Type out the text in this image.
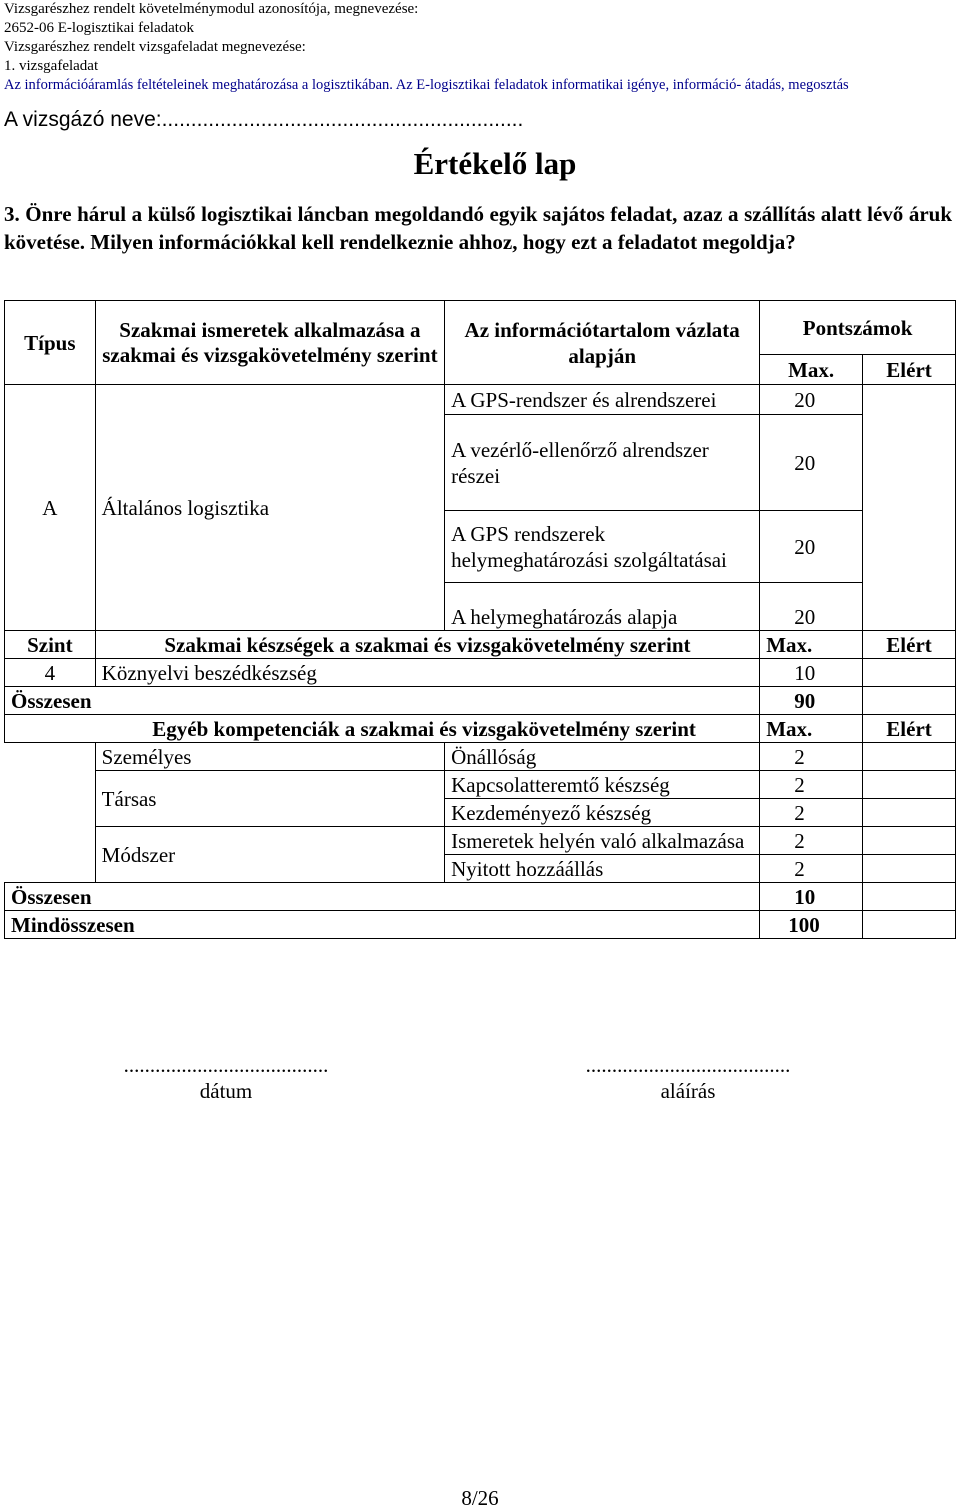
Vizsgarészhez rendelt követelménymodul azonosítója, megnevezése:
2652-06 E-logisztikai feladatok
Vizsgarészhez rendelt vizsgafeladat megnevezése:
1. vizsgafeladat
Az információáramlás feltételeinek meghatározása a logisztikában. Az E-logisztikai feladatok informatikai igénye, információ- átadás, megosztás
A vizsgázó neve:..............................................................
Értékelő lap
3. Önre hárul a külső logisztikai láncban megoldandó egyik sajátos feladat, azaz a szállítás alatt lévő áruk követése. Milyen információkkal kell rendelkeznie ahhoz, hogy ezt a feladatot megoldja?
Típus	Szakmai ismeretek alkalmazása a szakmai és vizsgakövetelmény szerint	Az információtartalom vázlata alapján	Pontszámok	
			Max.	Elért
A	Általános logisztika	A GPS-rendszer és alrendszerei	20	
		A vezérlő-ellenőrző alrendszer részei	20	
		A GPS rendszerek helymeghatározási szolgáltatásai	20	
		A helymeghatározás alapja	20	
Szint	Szakmai készségek a szakmai és vizsgakövetelmény szerint		Max.	Elért
4	Köznyelvi beszédkészség		10	
Összesen			90	
Egyéb kompetenciák a szakmai és vizsgakövetelmény szerint			Max.	Elért
	Személyes	Önállóság	2	
	Társas	Kapcsolatteremtő készség	2	
		Kezdeményező készség	2	
	Módszer	Ismeretek helyén való alkalmazása	2	
		Nyitott hozzáállás	2	
Összesen			10	
Mindösszesen			100	
.......................................
dátum
.......................................
aláírás
8/26
